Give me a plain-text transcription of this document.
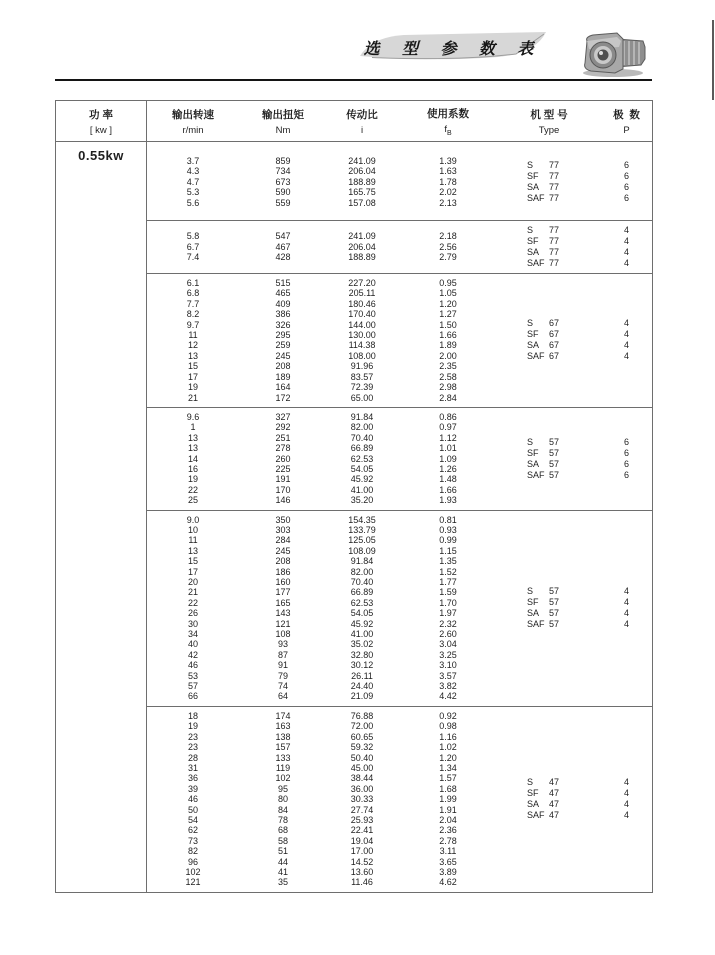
选 型 参 数 表
功 率
[ kw ]
输出转速
r/min
输出扭矩
Nm
传动比
i
使用系数
$f_B$
机 型 号
Type
极  数
P
0.55kw	3.7	859	241.09	1.39
4.3	734	206.04	1.63
4.7	673	188.89	1.78
5.3	590	165.75	2.02
5.6	559	157.08	2.13
S 77	6
SF 77	6
SA 77	6
SAF 77	6
5.8	547	241.09	2.18
6.7	467	206.04	2.56
7.4	428	188.89	2.79
S 77	4
SF 77	4
SA 77	4
SAF 77	4
6.1	515	227.20	0.95
6.8	465	205.11	1.05
7.7	409	180.46	1.20
8.2	386	170.40	1.27
9.7	326	144.00	1.50
11	295	130.00	1.66
12	259	114.38	1.89
13	245	108.00	2.00
15	208	91.96	2.35
17	189	83.57	2.58
19	164	72.39	2.98
21	172	65.00	2.84
S 67	4
SF 67	4
SA 67	4
SAF 67	4
9.6	327	91.84	0.86
1	292	82.00	0.97
13	251	70.40	1.12
13	278	66.89	1.01
14	260	62.53	1.09
16	225	54.05	1.26
19	191	45.92	1.48
22	170	41.00	1.66
25	146	35.20	1.93
S 57	6
SF 57	6
SA 57	6
SAF 57	6
9.0	350	154.35	0.81
10	303	133.79	0.93
11	284	125.05	0.99
13	245	108.09	1.15
15	208	91.84	1.35
17	186	82.00	1.52
20	160	70.40	1.77
21	177	66.89	1.59
22	165	62.53	1.70
26	143	54.05	1.97
30	121	45.92	2.32
34	108	41.00	2.60
40	93	35.02	3.04
42	87	32.80	3.25
46	91	30.12	3.10
53	79	26.11	3.57
57	74	24.40	3.82
66	64	21.09	4.42
S 57	4
SF 57	4
SA 57	4
SAF 57	4
18	174	76.88	0.92
19	163	72.00	0.98
23	138	60.65	1.16
23	157	59.32	1.02
28	133	50.40	1.20
31	119	45.00	1.34
36	102	38.44	1.57
39	95	36.00	1.68
46	80	30.33	1.99
50	84	27.74	1.91
54	78	25.93	2.04
62	68	22.41	2.36
73	58	19.04	2.78
82	51	17.00	3.11
96	44	14.52	3.65
102	41	13.60	3.89
121	35	11.46	4.62
S 47	4
SF 47	4
SA 47	4
SAF 47	4
